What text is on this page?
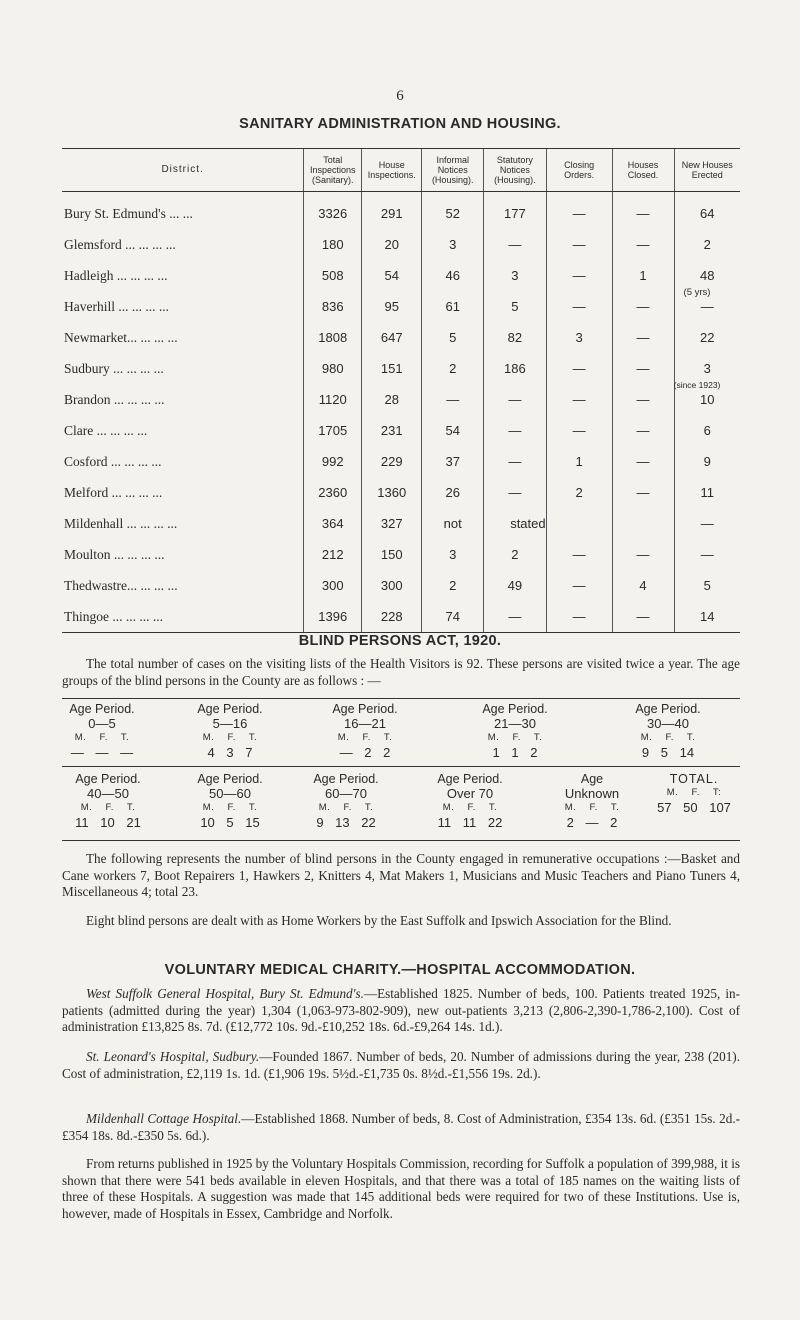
6
SANITARY ADMINISTRATION AND HOUSING.
District.	Total Inspections (Sanitary).	House Inspections.	Informal Notices (Housing).	Statutory Notices (Housing).	Closing Orders.	Houses Closed.	New Houses Erected
Bury St. Edmund's ... ...	3326	291	52	177	—	—	64
Glemsford ... ... ... ...	180	20	3	—	—	—	2
Hadleigh ... ... ... ...	508	54	46	3	—	1	48
Haverhill ... ... ... ...	836	95	61	5	—	—	—
Newmarket... ... ... ...	1808	647	5	82	3	—	22
Sudbury ... ... ... ...	980	151	2	186	—	—	3
Brandon ... ... ... ...	1120	28	—	—	—	—	10
Clare ... ... ... ...	1705	231	54	—	—	—	6
Cosford ... ... ... ...	992	229	37	—	1	—	9
Melford ... ... ... ...	2360	1360	26	—	2	—	11
Mildenhall ... ... ... ...	364	327	not	stated			—
Moulton ... ... ... ...	212	150	3	2	—	—	—
Thedwastre... ... ... ...	300	300	2	49	—	4	5
Thingoe ... ... ... ...	1396	228	74	—	—	—	14
(5 yrs)
(since 1923)
BLIND PERSONS ACT, 1920.

The total number of cases on the visiting lists of the Health Visitors is 92. These persons are visited twice a year. The age groups of the blind persons in the County are as follows : —

Age Period.
0—5
M. F. T.
— — —
Age Period.
5—16
M. F. T.
4 3 7
Age Period.
16—21
M. F. T.
— 2 2
Age Period.
21—30
M. F. T.
1 1 2
Age Period.
30—40
M. F. T.
9 5 14
Age Period.
40—50
M. F. T.
11 10 21
Age Period.
50—60
M. F. T.
10 5 15
Age Period.
60—70
M. F. T.
9 13 22
Age Period.
Over 70
M. F. T.
11 11 22
Age
Unknown
M. F. T.
2 — 2
TOTAL.
M. F. T:
57 50 107

The following represents the number of blind persons in the County engaged in remunerative occupations :—Basket and Cane workers 7, Boot Repairers 1, Hawkers 2, Knitters 4, Mat Makers 1, Musicians and Music Teachers and Piano Tuners 4, Miscellaneous 4; total 23.

Eight blind persons are dealt with as Home Workers by the East Suffolk and Ipswich Association for the Blind.

VOLUNTARY MEDICAL CHARITY.—HOSPITAL ACCOMMODATION.

West Suffolk General Hospital, Bury St. Edmund's.—Established 1825. Number of beds, 100. Patients treated 1925, in-patients (admitted during the year) 1,304 (1,063-973-802-909), new out-patients 3,213 (2,806-2,390-1,786-2,100). Cost of administration £13,825 8s. 7d. (£12,772 10s. 9d.-£10,252 18s. 6d.-£9,264 14s. 1d.).

St. Leonard's Hospital, Sudbury.—Founded 1867. Number of beds, 20. Number of admissions during the year, 238 (201). Cost of administration, £2,119 1s. 1d. (£1,906 19s. 5½d.-£1,735 0s. 8½d.-£1,556 19s. 2d.).

Mildenhall Cottage Hospital.—Established 1868. Number of beds, 8. Cost of Administration, £354 13s. 6d. (£351 15s. 2d.-£354 18s. 8d.-£350 5s. 6d.).

From returns published in 1925 by the Voluntary Hospitals Commission, recording for Suffolk a population of 399,988, it is shown that there were 541 beds available in eleven Hospitals, and that there was a total of 185 names on the waiting lists of three of these Hospitals. A suggestion was made that 145 additional beds were required for two of these Institutions. Use is, however, made of Hospitals in Essex, Cambridge and Norfolk.
